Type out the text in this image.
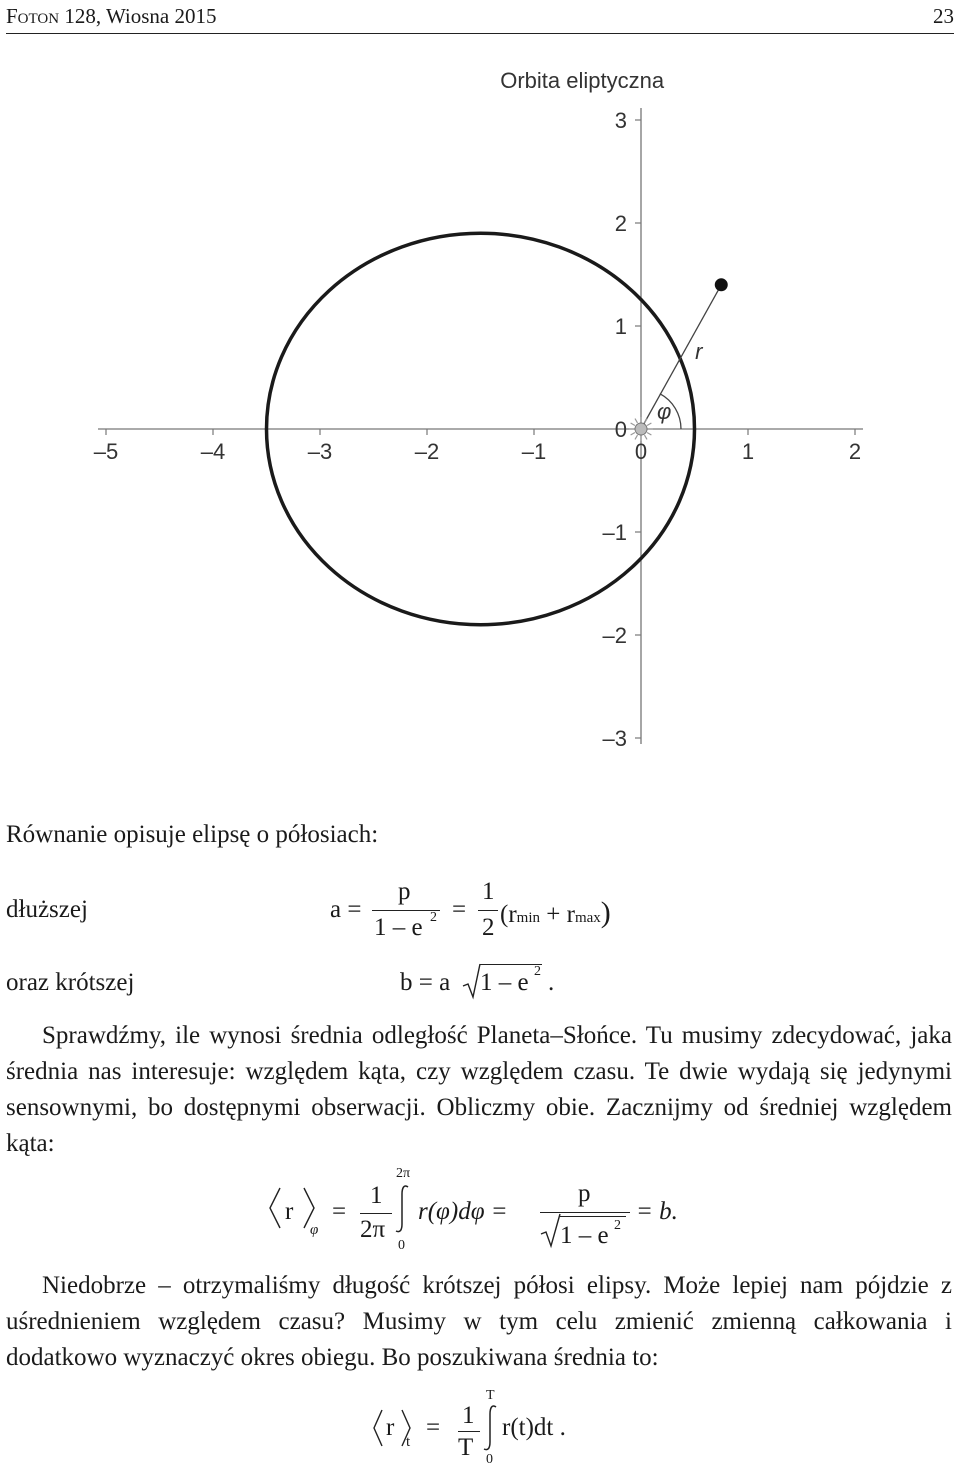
Foton 128, Wiosna 2015	23
Orbita eliptyczna
–5	–4	–3	–2	–1	0	1	2
3
2
1
0
–1
–2
–3
φ
r
Równanie opisuje elipsę o półosiach:
dłuższej	a =
p
1 – e 2 =
1
2 (rmin + rmax)
oraz krótszej	b = a 1 – e 2 .
Sprawdźmy, ile wynosi średnia odległość Planeta–Słońce. Tu musimy zdecydować, jaka średnia nas interesuje: względem kąta, czy względem czasu. Te dwie wydają się jedynymi sensownymi, bo dostępnymi obserwacji. Obliczmy obie. Zacznijmy od średniej względem kąta:
r
φ
=
1
2π
2π
0
r(φ)dφ =
p
1 – e 2
= b.
Niedobrze – otrzymaliśmy długość krótszej półosi elipsy. Może lepiej nam pójdzie z uśrednieniem względem czasu? Musimy w tym celu zmienić zmienną całkowania i dodatkowo wyznaczyć okres obiegu. Bo poszukiwana średnia to:
r
t
= 1
T
T
0
r(t)dt .
